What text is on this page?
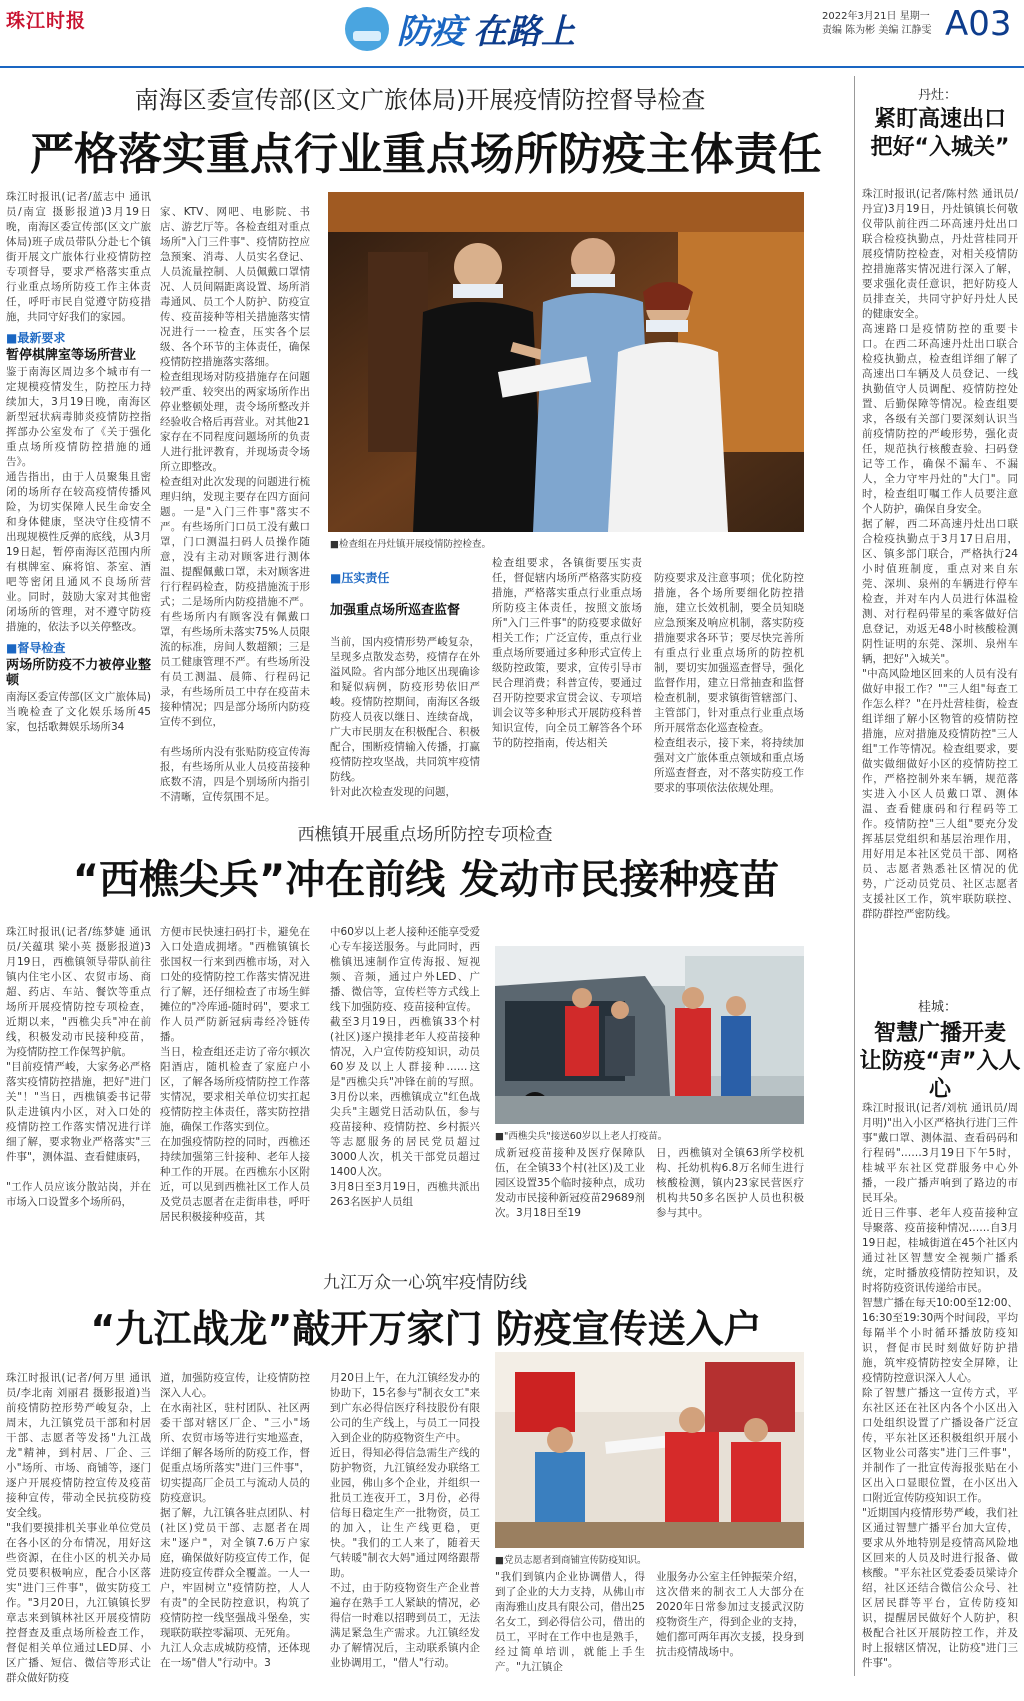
珠江时报	防疫 在路上	2022年3月21日 星期一
责编 陈为彬 美编 江静雯 A03
南海区委宣传部(区文广旅体局)开展疫情防控督导检查
严格落实重点行业重点场所防疫主体责任
珠江时报讯(记者/蓝志中 通讯员/南宣 摄影报道)3月19日晚，南海区委宣传部(区文广旅体局)班子成员带队分赴七个镇街开展文广旅体行业疫情防控专项督导，要求严格落实重点行业重点场所防疫工作主体责任，呼吁市民自觉遵守防疫措施，共同守好我们的家园。
■最新要求
暂停棋牌室等场所营业
鉴于南海区周边多个城市有一定规模疫情发生，防控压力持续加大，3月19日晚，南海区新型冠状病毒肺炎疫情防控指挥部办公室发布了《关于强化重点场所疫情防控措施的通告》。
通告指出，由于人员聚集且密闭的场所存在较高疫情传播风险，为切实保障人民生命安全和身体健康，坚决守住疫情不出现规模性反弹的底线，从3月19日起，暂停南海区范围内所有棋牌室、麻将馆、茶室、酒吧等密闭且通风不良场所营业。同时，鼓励大家对其他密闭场所的管理，对不遵守防疫措施的，依法予以关停整改。
■督导检查
两场所防疫不力被停业整顿
南海区委宣传部(区文广旅体局)当晚检查了文化娱乐场所45家，包括歌舞娱乐场所34

家、KTV、网吧、电影院、书店、游艺厅等。各检查组对重点场所"入门三件事"、疫情防控应急预案、消毒、人员实名登记、人员流量控制、人员佩戴口罩情况、人员间隔距离设置、场所消毒通风、员工个人防护、防疫宣传、疫苗接种等相关措施落实情况进行一一检查，压实各个层级、各个环节的主体责任，确保疫情防控措施落实落细。
检查组现场对防疫措施存在问题较严重、较突出的两家场所作出停业整顿处理，责令场所整改并经验收合格后再营业。对其他21家存在不同程度问题场所的负责人进行批评教育，并现场责令场所立即整改。
检查组对此次发现的问题进行梳理归纳，发现主要存在四方面问题。一是"入门三件事"落实不严。有些场所门口员工没有戴口罩，门口测温扫码人员操作随意，没有主动对顾客进行测体温、提醒佩戴口罩，未对顾客进行行程码检查，防疫措施流于形式；二是场所内防疫措施不严。有些场所内有顾客没有佩戴口罩，有些场所未落实75%人员限流的标准，房间人数超额；三是员工健康管理不严。有些场所没有员工测温、晨筛、行程码记录，有些场所员工中存在疫苗未接种情况；四是部分场所内防疫宣传不到位，

有些场所内没有张贴防疫宣传海报，有些场所从业人员疫苗接种底数不清，四是个别场所内指引不清晰，宣传氛围不足。

■检查组在丹灶镇开展疫情防控检查。

■压实责任

加强重点场所巡查监督

当前，国内疫情形势严峻复杂，呈现多点散发态势，疫情存在外溢风险。省内部分地区出现确诊和疑似病例，防疫形势依旧严峻。疫情防控期间，南海区各级防疫人员夜以继日、连续奋战，广大市民朋友在积极配合、积极配合，围断疫情输入传播，打赢疫情防控攻坚战，共同筑牢疫情防线。
针对此次检查发现的问题，

检查组要求，各镇街要压实责任，督促辖内场所严格落实防疫措施，严格落实重点行业重点场所防疫主体责任，按照文旅场所"入门三件事"的防疫要求做好相关工作；广泛宣传，重点行业重点场所要通过多种形式宣传上级防控政策，要求，宣传引导市民合理消费；科普宣传，要通过召开防控要求宣贯会议、专项培训会议等多种形式开展防疫科普知识宣传，向全员工解答各个环节的防控指南，传达相关

防疫要求及注意事项；优化防控措施，各个场所要细化防控措施，建立长效机制，要全员知晓应急预案及响应机制，落实防疫措施要求各环节；要尽快完善所有重点行业重点场所的防控机制，要切实加强巡查督导，强化监督作用，建立日常抽查和监督检查机制，要求镇街管辖部门、主管部门，针对重点行业重点场所开展常态化巡查检查。
检查组表示，接下来，将持续加强对文广旅体重点领域和重点场所巡查督查，对不落实防疫工作要求的事项依法依规处理。

西樵镇开展重点场所防控专项检查
“西樵尖兵”冲在前线 发动市民接种疫苗

珠江时报讯(记者/练梦婕 通讯员/关蕴琪 梁小英 摄影报道)3月19日，西樵镇领导带队前往镇内住宅小区、农贸市场、商超、药店、车站、餐饮等重点场所开展疫情防控专项检查，近期以来，"西樵尖兵"冲在前线，积极发动市民接种疫苗，为疫情防控工作保驾护航。
"目前疫情严峻，大家务必严格落实疫情防控措施，把好"进门关"！"当日，西樵镇委书记带队走进镇内小区，对入口处的疫情防控工作落实情况进行详细了解，要求物业严格落实"三件事"，测体温、查看健康码，

"工作人员应该分散站岗，并在市场入口设置多个场所码，

方便市民快速扫码打卡，避免在入口处造成拥堵。"西樵镇镇长张国权一行来到西樵市场，对入口处的疫情防控工作落实情况进行了解，还仔细检查了市场生鲜摊位的"冷库通-随时码"，要求工作人员严防新冠病毒经冷链传播。
当日，检查组还走访了帝尔顿次阳酒店，随机检查了家庭户小区，了解各场所疫情防控工作落实情况，要求相关单位切实扛起疫情防控主体责任，落实防控措施，确保工作落实到位。
在加强疫情防控的同时，西樵还持续加强第三针接种、老年人接种工作的开展。在西樵东小区附近，可以见到西樵社区工作人员及党员志愿者在走街串巷，呼吁居民积极接种疫苗，其

中60岁以上老人接种还能享受爱心专车接送服务。与此同时，西樵镇迅速制作宣传海报、短视频、音频，通过户外LED、广播、微信等，宣传栏等方式线上线下加强防疫、疫苗接种宣传。
截至3月19日，西樵镇33个村(社区)逐户摸排老年人疫苗接种情况，入户宣传防疫知识，动员60岁及以上人群接种……这是"西樵尖兵"冲锋在前的写照。3月份以来，西樵镇成立"红色战尖兵"主题党日活动队伍，参与疫苗接种、疫情防控、乡村振兴等志愿服务的居民党员超过3000人次，机关干部党员超过1400人次。
3月8日至3月19日，西樵共派出263名医护人员组

■"西樵尖兵"接送60岁以上老人打疫苗。
成新冠疫苗接种及医疗保障队伍，在全镇33个村(社区)及工业园区设置35个临时接种点，成功发动市民接种新冠疫苗29689剂次。3月18日至19
日，西樵镇对全镇63所学校机构、托幼机构6.8万名师生进行核酸检测，镇内23家民营医疗机构共50多名医护人员也积极参与其中。
九江万众一心筑牢疫情防线
“九江战龙”敲开万家门 防疫宣传送入户

珠江时报讯(记者/何万里 通讯员/李北南 刘丽君 摄影报道)当前疫情防控形势严峻复杂，上周末，九江镇党员干部和村居干部、志愿者等发扬"九江战龙"精神，到村居、厂企、三小"场所、市场、商铺等，逐门逐户开展疫情防控宣传及疫苗接种宣传，带动全民抗疫防疫安全线。
"我们要摸排机关事业单位党员在各小区的分布情况，用好这些资源，在住小区的机关办局党员要积极响应，配合小区落实"进门三件事"，做实防疫工作。"3月20日，九江镇镇长罗章志来到镇林社区开展疫情防控督查及重点场所检查工作，督促相关单位通过LED屏、小区广播、短信、微信等形式让群众做好防疫

道，加强防疫宣传，让疫情防控深入人心。
在水南社区，驻村团队、社区两委干部对辖区厂企、"三小"场所、农贸市场等进行实地巡查，详细了解各场所的防疫工作，督促重点场所落实"进门三件事"，切实提高厂企员工与流动人员的防疫意识。
据了解，九江镇各驻点团队、村(社区)党员干部、志愿者在周末"逐户"，对全镇7.6万户家庭，确保做好防疫宣传工作，促进防疫宣传群众全覆盖。一人一户，牢固树立"疫情防控，人人有责"的全民防控意识，构筑了疫情防控一线坚强战斗堡垒，实现联防联控零漏项、无死角。
九江人众志成城防疫情，还体现在一场"借人"行动中。3

月20日上午，在九江镇经发办的协助下，15名参与"制衣女工"来到广东必得信医疗科技股份有限公司的生产线上，与员工一同投入到企业的防疫物资生产中。
近日，得知必得信急需生产线的防护物资，九江镇经发办联络工业园，佛山多个企业，并组织一批员工连夜开工，3月份，必得信每日稳定生产一批物资，员工的加入，让生产线更稳，更快。"我们的工人来了，随着天气转暖"制衣大妈"通过网络跟帮助。
不过，由于防疫物资生产企业普遍存在熟手工人紧缺的情况，必得信一时难以招聘到员工，无法满足紧急生产需求。九江镇经发办了解情况后，主动联系镇内企业协调用工，"借人"行动。

■党员志愿者到商铺宣传防疫知识。
"我们到镇内企业协调借人，得到了企业的大力支持，从佛山市南海雅山皮具有限公司，借出25名女工，到必得信公司，借出的员工，平时在工作中也是熟手，经过简单培训，就能上手生产。"九江镇企
业服务办公室主任钟振荣介绍，这次借来的制衣工人大部分在2020年日常参加过支援武汉防疫物资生产，得到企业的支持，她们都可两年再次支援，投身到抗击疫情战场中。
丹灶：
紧盯高速出口
把好“入城关”

珠江时报讯(记者/陈村然 通讯员/丹宣)3月19日，丹灶镇镇长何敬仪带队前往西二环高速丹灶出口联合检疫执勤点，丹灶营桂同开展疫情防控检查，对相关疫情防控措施落实情况进行深入了解，要求强化责任意识，把好防疫人员排查关，共同守护好丹灶人民的健康安全。
高速路口是疫情防控的重要卡口。在西二环高速丹灶出口联合检疫执勤点，检查组详细了解了高速出口车辆及人员登记、一线执勤值守人员调配、疫情防控处置、后勤保障等情况。检查组要求，各级有关部门要深刻认识当前疫情防控的严峻形势，强化责任，规范执行核酸查验、扫码登记等工作，确保不漏车、不漏人，全力守牢丹灶的"大门"。同时，检查组叮嘱工作人员要注意个人防护，确保自身安全。
据了解，西二环高速丹灶出口联合检疫执勤点于3月17日启用，区、镇多部门联合，严格执行24小时值班制度，重点对来自东莞、深圳、泉州的车辆进行停车检查，并对车内人员进行体温检测、对行程码带星的乘客做好信息登记，劝返无48小时核酸检测阴性证明的东莞、深圳、泉州车辆，把好"入城关"。
"中高风险地区回来的人员有没有做好申报工作？""三人组"每查工作怎么样？"在丹灶营桂街，检查组详细了解小区物管的疫情防控措施，应对措施及疫情防控"三人组"工作等情况。检查组要求，要做实做细做好小区的疫情防控工作，严格控制外来车辆，规范落实进入小区人员戴口罩、测体温、查看健康码和行程码等工作。疫情防控"三人组"要充分发挥基层党组织和基层治理作用，用好用足本社区党员干部、网格员、志愿者熟悉社区情况的优势，广泛动员党员、社区志愿者支援社区工作，筑牢联防联控、群防群控严密防线。

桂城：
智慧广播开麦
让防疫“声”入人心

珠江时报讯(记者/刘杭 通讯员/周月明)"出入小区严格执行进门三件事"戴口罩、测体温、查看码码和行程码"……3月19日下午5时，桂城平东社区党群服务中心外播，一段广播声响到了路边的市民耳朵。
近日三件事、老年人疫苗接种宣导聚落、疫苗接种情况……自3月19日起，桂城街道在45个社区内通过社区智慧安全视频广播系统，定时播放疫情防控知识，及时将防疫资讯传递给市民。
智慧广播在每天10:00至12:00、16:30至19:30两个时间段，平均每隔半个小时循环播放防疫知识，督促市民时刻做好防护措施，筑牢疫情防控安全屏障，让疫情防控意识深入人心。
除了智慧广播这一宣传方式，平东社区还在社区内各个小区出入口处组织设置了广播设备广泛宣传，平东社区还积极组织开展小区物业公司落实"进门三件事"，并制作了一批宣传海报张贴在小区出入口显眼位置，在小区出入口附近宣传防疫知识工作。
"近期国内疫情形势严峻，我们社区通过智慧广播平台加大宣传，要求从外地特别是疫情高风险地区回来的人员及时进行报备、做核酸。"平东社区党委委员梁诗介绍，社区还结合微信公众号、社区居民群等平台，宣传防疫知识，提醒居民做好个人防护，积极配合社区开展防控工作，并及时上报辖区情况，让防疫"进门三件事"。
